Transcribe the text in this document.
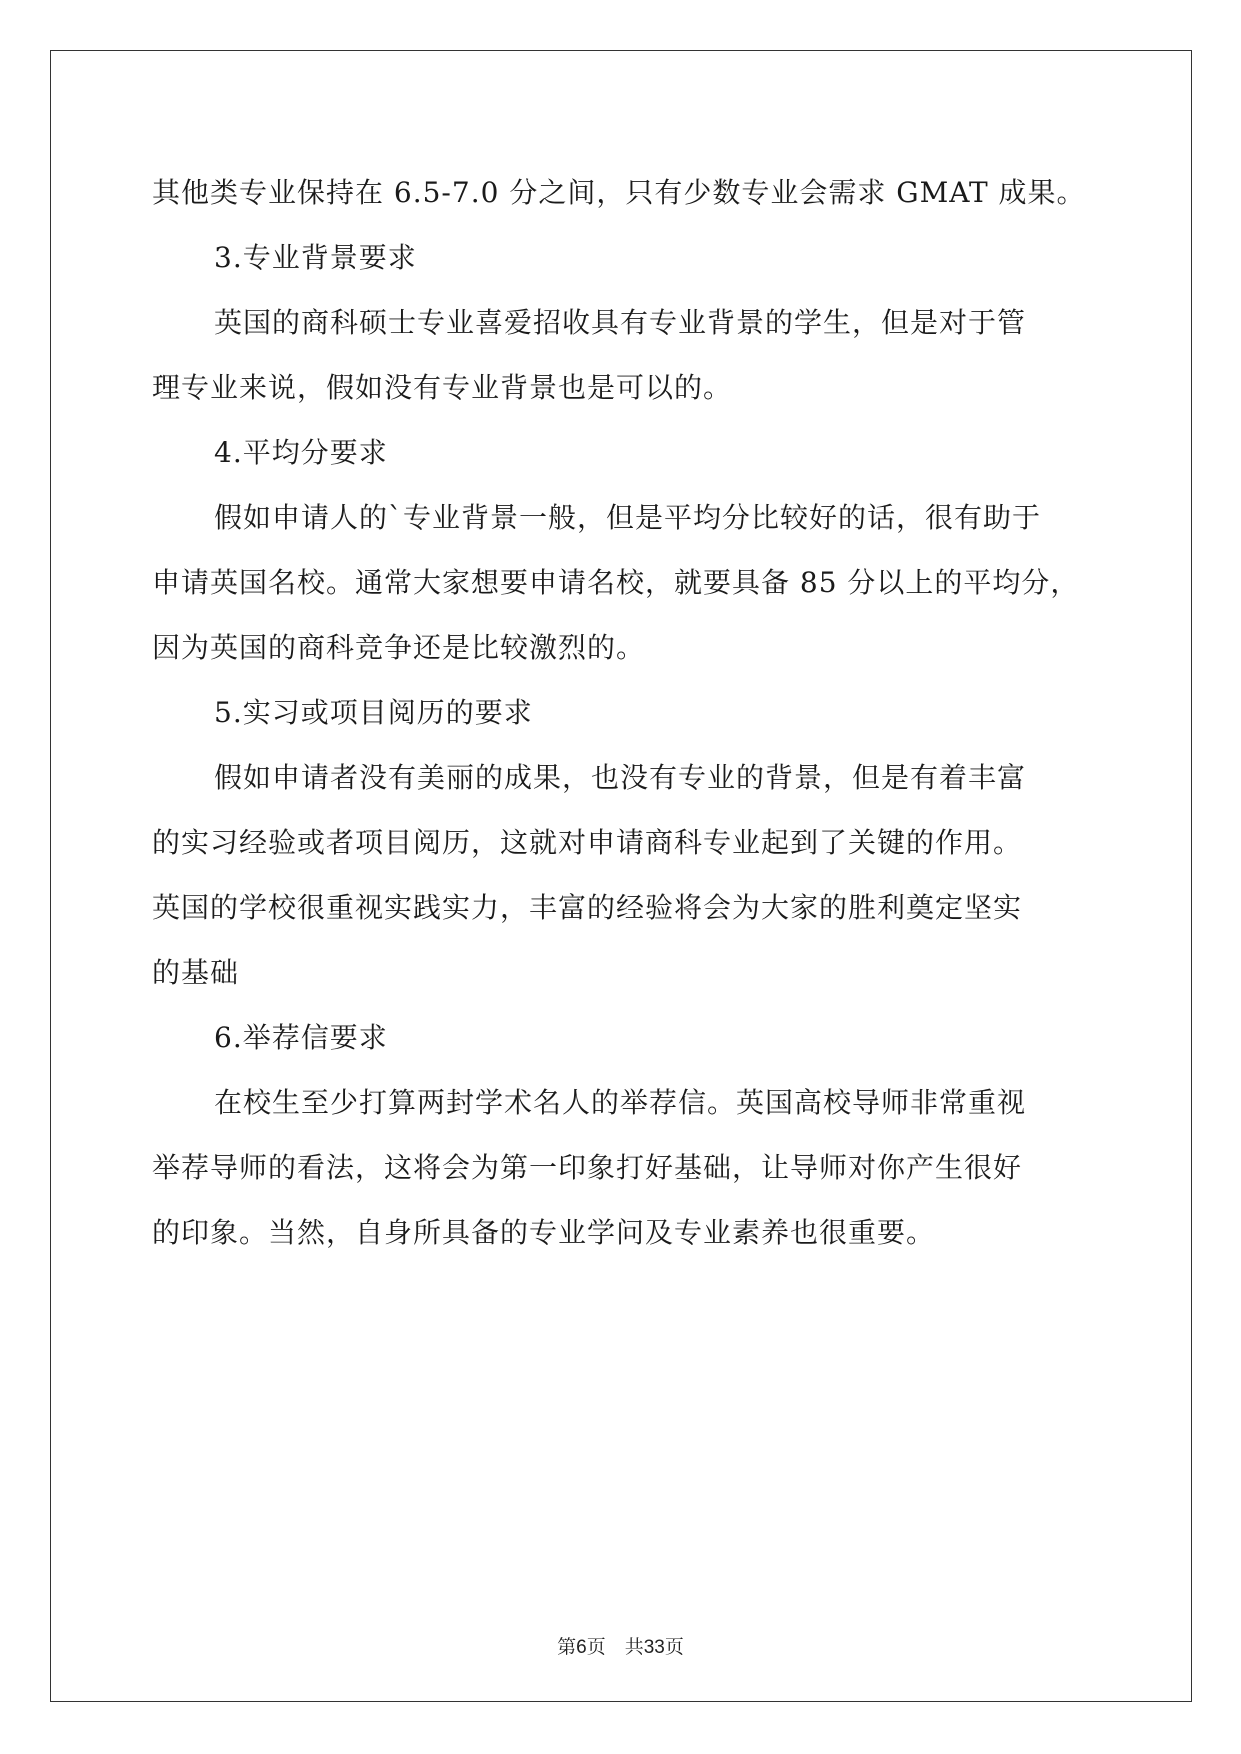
其他类专业保持在 6.5-7.0 分之间，只有少数专业会需求 GMAT 成果。
3.专业背景要求
英国的商科硕士专业喜爱招收具有专业背景的学生，但是对于管
理专业来说，假如没有专业背景也是可以的。
4.平均分要求
假如申请人的`专业背景一般，但是平均分比较好的话，很有助于
申请英国名校。通常大家想要申请名校，就要具备 85 分以上的平均分，
因为英国的商科竞争还是比较激烈的。
5.实习或项目阅历的要求
假如申请者没有美丽的成果，也没有专业的背景，但是有着丰富
的实习经验或者项目阅历，这就对申请商科专业起到了关键的作用。
英国的学校很重视实践实力，丰富的经验将会为大家的胜利奠定坚实
的基础
6.举荐信要求
在校生至少打算两封学术名人的举荐信。英国高校导师非常重视
举荐导师的看法，这将会为第一印象打好基础，让导师对你产生很好
的印象。当然，自身所具备的专业学问及专业素养也很重要。
第6页 共33页
